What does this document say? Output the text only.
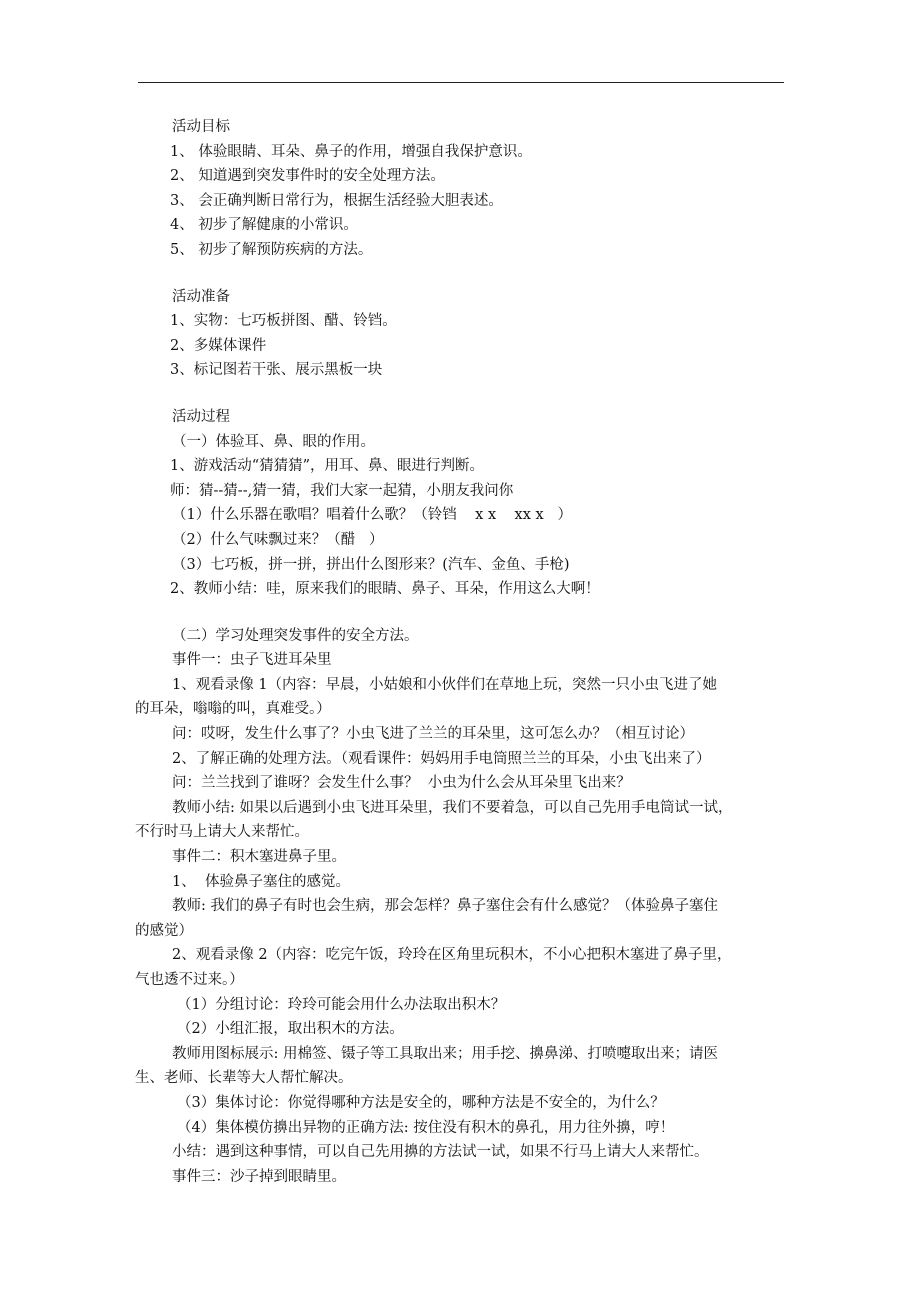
活动目标
1、 体验眼睛、耳朵、鼻子的作用，增强自我保护意识。
2、 知道遇到突发事件时的安全处理方法。
3、 会正确判断日常行为，根据生活经验大胆表述。
4、 初步了解健康的小常识。
5、 初步了解预防疾病的方法。
活动准备
1、实物：七巧板拼图、醋、铃铛。
2、多媒体课件
3、标记图若干张、展示黑板一块
活动过程
（一）体验耳、鼻、眼的作用。
1、游戏活动“猜猜猜”，用耳、鼻、眼进行判断。
师：猜--猜--,猜一猜，我们大家一起猜，小朋友我问你
（1）什么乐器在歌唱？唱着什么歌？（铃铛    x x    xx x   ）
（2）什么气味飘过来？（醋   ）
（3）七巧板，拼一拼，拼出什么图形来？(汽车、金鱼、手枪)
2、教师小结：哇，原来我们的眼睛、鼻子、耳朵，作用这么大啊！
（二）学习处理突发事件的安全方法。
事件一：虫子飞进耳朵里
1、观看录像 1（内容：早晨，小姑娘和小伙伴们在草地上玩，突然一只小虫飞进了她
的耳朵，嗡嗡的叫，真难受。）
问：哎呀，发生什么事了？小虫飞进了兰兰的耳朵里，这可怎么办？（相互讨论）
2、了解正确的处理方法。（观看课件：妈妈用手电筒照兰兰的耳朵，小虫飞出来了）
问：兰兰找到了谁呀？会发生什么事？  小虫为什么会从耳朵里飞出来？
教师小结: 如果以后遇到小虫飞进耳朵里，我们不要着急，可以自己先用手电筒试一试，
不行时马上请大人来帮忙。
事件二：积木塞进鼻子里。
1、  体验鼻子塞住的感觉。
教师: 我们的鼻子有时也会生病，那会怎样？鼻子塞住会有什么感觉？（体验鼻子塞住
的感觉）
2、观看录像 2（内容：吃完午饭，玲玲在区角里玩积木，不小心把积木塞进了鼻子里，
气也透不过来。）
（1）分组讨论：玲玲可能会用什么办法取出积木？
（2）小组汇报，取出积木的方法。
教师用图标展示: 用棉签、镊子等工具取出来；用手挖、擤鼻涕、打喷嚏取出来；请医
生、老师、长辈等大人帮忙解决。
（3）集体讨论：你觉得哪种方法是安全的，哪种方法是不安全的，为什么？
（4）集体模仿擤出异物的正确方法: 按住没有积木的鼻孔，用力往外擤，哼！
小结：遇到这种事情，可以自己先用擤的方法试一试，如果不行马上请大人来帮忙。
事件三：沙子掉到眼睛里。
